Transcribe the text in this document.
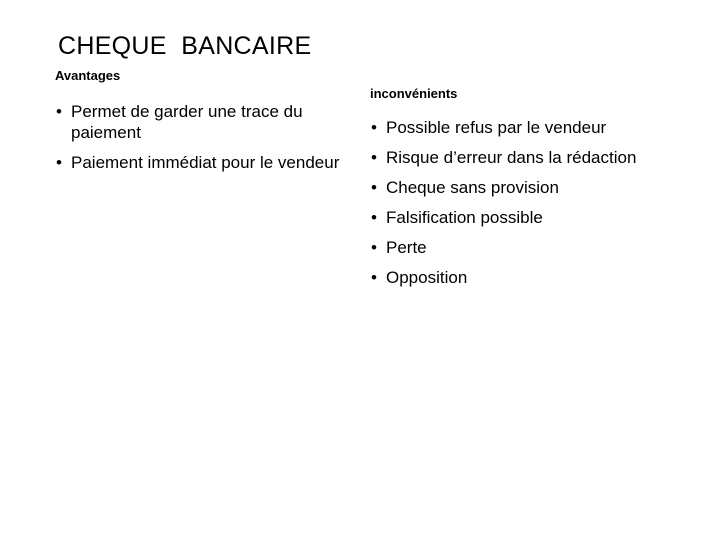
CHEQUE  BANCAIRE

Avantages

• Permet de garder une trace du paiement
• Paiement immédiat pour le vendeur

inconvénients

• Possible refus par le vendeur
• Risque d’erreur dans la rédaction
• Cheque sans provision
• Falsification possible
• Perte
• Opposition
